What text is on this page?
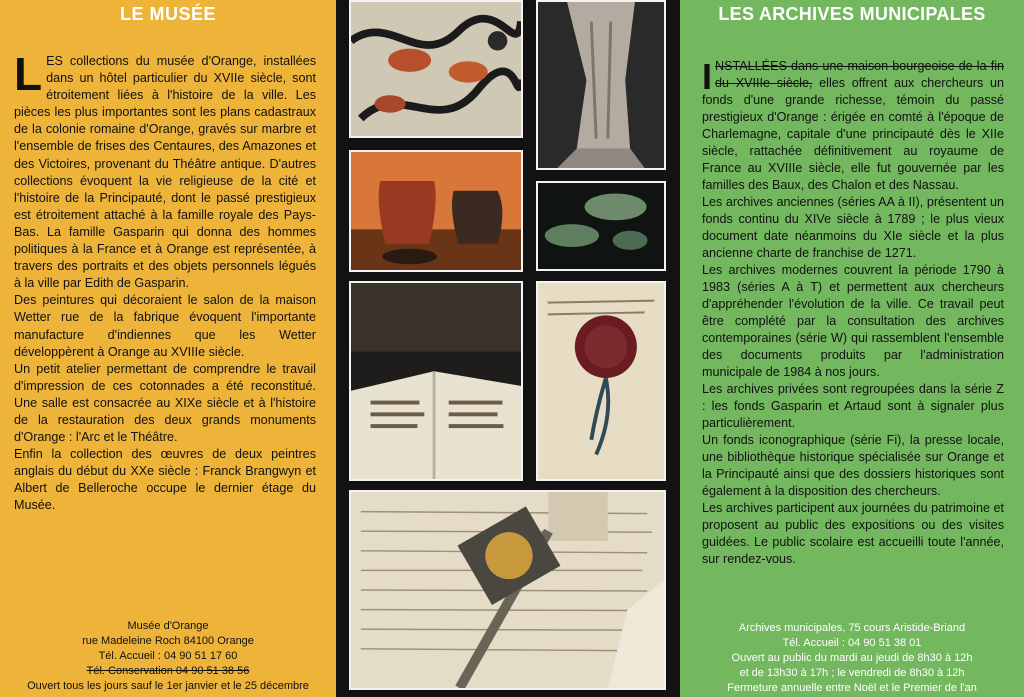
LE MUSÉE

LES collections du musée d'Orange, installées dans un hôtel particulier du XVIIe siècle, sont étroitement liées à l'histoire de la ville. Les pièces les plus importantes sont les plans cadastraux de la colonie romaine d'Orange, gravés sur marbre et l'ensemble de frises des Centaures, des Amazones et des Victoires, provenant du Théâtre antique. D'autres collections évoquent la vie religieuse de la cité et l'histoire de la Principauté, dont le passé prestigieux est étroitement attaché à la famille royale des Pays-Bas. La famille Gasparin qui donna des hommes politiques à la France et à Orange est représentée, à travers des portraits et des objets personnels légués à la ville par Edith de Gasparin.

Des peintures qui décoraient le salon de la maison Wetter rue de la fabrique évoquent l'importante manufacture d'indiennes que les Wetter développèrent à Orange au XVIIIe siècle.

Un petit atelier permettant de comprendre le travail d'impression de ces cotonnades a été reconstitué. Une salle est consacrée au XIXe siècle et à l'histoire de la restauration des deux grands monuments d'Orange : l'Arc et le Théâtre.

Enfin la collection des œuvres de deux peintres anglais du début du XXe siècle : Franck Brangwyn et Albert de Belleroche occupe le dernier étage du Musée.

Musée d'Orange
rue Madeleine Roch 84100 Orange
Tél. Accueil : 04 90 51 17 60
Tél. Conservation 04 90 51 38 56
Ouvert tous les jours sauf le 1er janvier et le 25 décembre
LES ARCHIVES MUNICIPALES

INSTALLÉES dans une maison bourgeoise de la fin du XVIIIe siècle, elles offrent aux chercheurs un fonds d'une grande richesse, témoin du passé prestigieux d'Orange : érigée en comté à l'époque de Charlemagne, capitale d'une principauté dès le XIIe siècle, rattachée définitivement au royaume de France au XVIIIe siècle, elle fut gouvernée par les familles des Baux, des Chalon et des Nassau.

Les archives anciennes (séries AA à II), présentent un fonds continu du XIVe siècle à 1789 ; le plus vieux document date néanmoins du XIe siècle et la plus ancienne charte de franchise de 1271.

Les archives modernes couvrent la période 1790 à 1983 (séries A à T) et permettent aux chercheurs d'appréhender l'évolution de la ville. Ce travail peut être complété par la consultation des archives contemporaines (série W) qui rassemblent l'ensemble des documents produits par l'administration municipale de 1984 à nos jours.

Les archives privées sont regroupées dans la série Z : les fonds Gasparin et Artaud sont à signaler plus particulièrement.

Un fonds iconographique (série Fi), la presse locale, une bibliothèque historique spécialisée sur Orange et la Principauté ainsi que des dossiers historiques sont également à la disposition des chercheurs.

Les archives participent aux journées du patrimoine et proposent au public des expositions ou des visites guidées. Le public scolaire est accueilli toute l'année, sur rendez-vous.

Archives municipales, 75 cours Aristide-Briand
Tél. Accueil : 04 90 51 38 01
Ouvert au public du mardi au jeudi de 8h30 à 12h
et de 13h30 à 17h ; le vendredi de 8h30 à 12h
Fermeture annuelle entre Noël et le Premier de l'an
